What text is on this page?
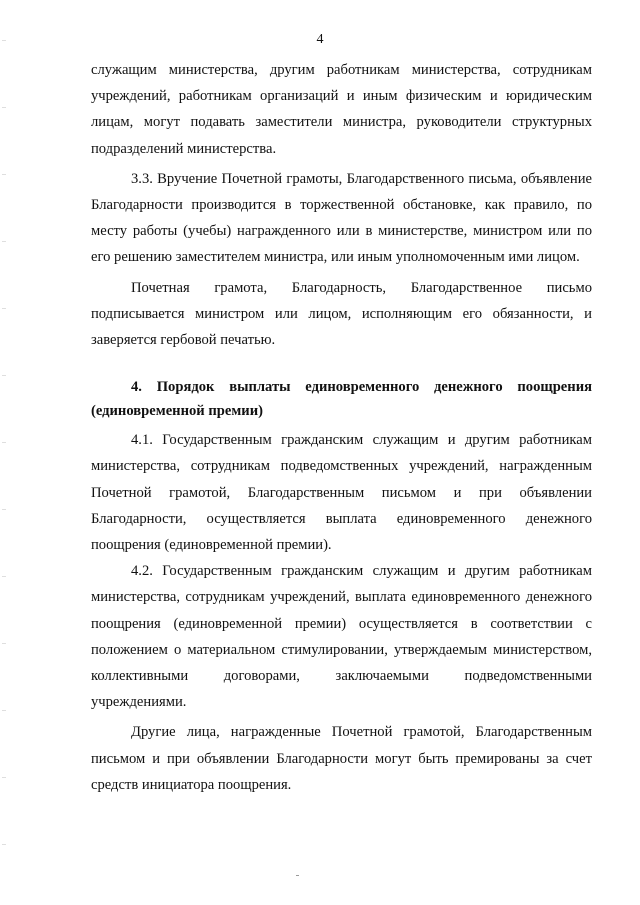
4

служащим министерства, другим работникам министерства, сотрудникам учреждений, работникам организаций и иным физическим и юридическим лицам, могут подавать заместители министра, руководители структурных подразделений министерства.

3.3. Вручение Почетной грамоты, Благодарственного письма, объявление Благодарности производится в торжественной обстановке, как правило, по месту работы (учебы) награжденного или в министерстве, министром или по его решению заместителем министра, или иным уполномоченным ими лицом.

Почетная грамота, Благодарность, Благодарственное письмо подписывается министром или лицом, исполняющим его обязанности, и заверяется гербовой печатью.

4. Порядок выплаты единовременного денежного поощрения (единовременной премии)

4.1. Государственным гражданским служащим и другим работникам министерства, сотрудникам подведомственных учреждений, награжденным Почетной грамотой, Благодарственным письмом и при объявлении Благодарности, осуществляется выплата единовременного денежного поощрения (единовременной премии).

4.2. Государственным гражданским служащим и другим работникам министерства, сотрудникам учреждений, выплата единовременного денежного поощрения (единовременной премии) осуществляется в соответствии с положением о материальном стимулировании, утверждаемым министерством, коллективными договорами, заключаемыми подведомственными учреждениями.

Другие лица, награжденные Почетной грамотой, Благодарственным письмом и при объявлении Благодарности могут быть премированы за счет средств инициатора поощрения.
